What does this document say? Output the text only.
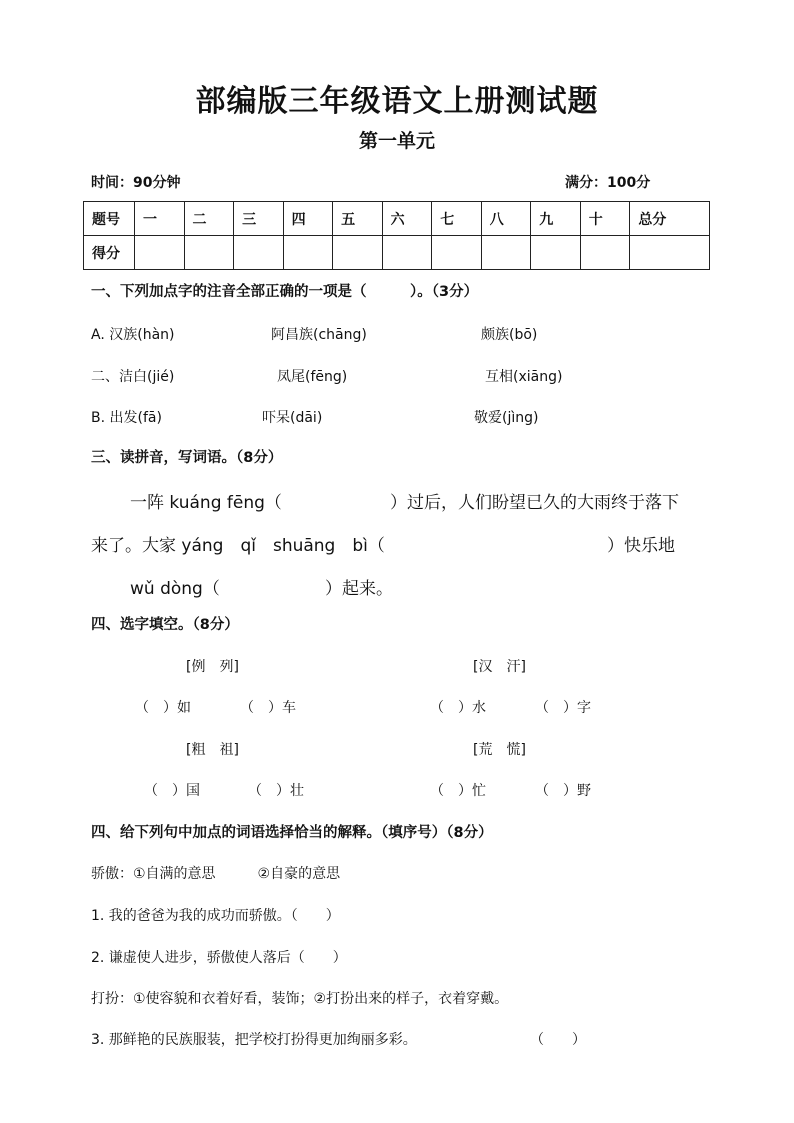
部编版三年级语文上册测试题
第一单元
时间：90分钟	满分：100分
题号	一	二	三	四	五	六	七	八	九	十	总分
得分											
一、下列加点字的注音全部正确的一项是（　　　）。（3分）
A. 汉族(hàn)	阿昌族(chāng)	颇族(bō)
二、洁白(jié)	凤尾(fēng)	互相(xiāng)
B. 出发(fā)	吓呆(dāi)	敬爱(jìng)
三、读拼音，写词语。（8分）
一阵 kuáng fēng（	）过后，人们盼望已久的大雨终于落下
来了。大家 yáng　qǐ　shuāng　bì（	）快乐地
wǔ dòng（	）起来。
四、选字填空。（8分）
[例　列]	[汉　汗]
（　）如	（　）车	（　）水	（　）字
[粗　祖]	[荒　慌]
（　）国	（　）壮	（　）忙	（　）野
四、给下列句中加点的词语选择恰当的解释。（填序号）（8分）
骄傲：①自满的意思　　　②自豪的意思
1. 我的爸爸为我的成功而骄傲。（　　）
2. 谦虚使人进步，骄傲使人落后（　　）
打扮：①使容貌和衣着好看，装饰；②打扮出来的样子，衣着穿戴。
3. 那鲜艳的民族服装，把学校打扮得更加绚丽多彩。	（　　）
